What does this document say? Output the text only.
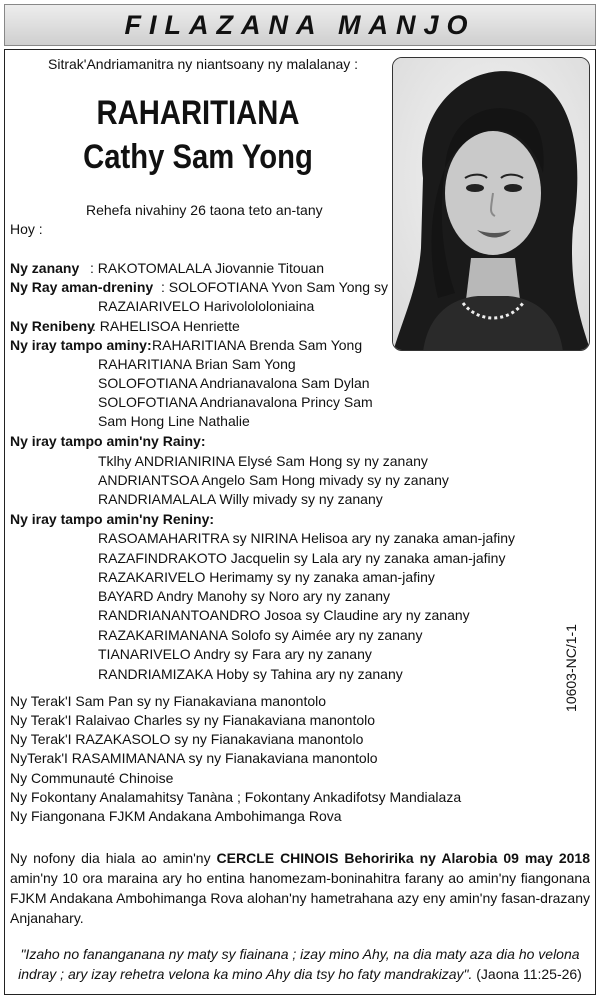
FILAZANA MANJO
Sitrak'Andriamanitra ny niantsoany ny malalanay :
RAHARITIANA
Cathy Sam Yong
Rehefa nivahiny 26 taona teto an-tany
Hoy :
Ny zanany : RAKOTOMALALA Jiovannie Titouan
Ny Ray aman-dreniny : SOLOFOTIANA Yvon Sam Yong sy
RAZAIARIVELO Harivolololoniaina
Ny Renibeny
: RAHELISOA Henriette
Ny iray tampo aminy: RAHARITIANA Brenda Sam Yong
RAHARITIANA Brian Sam Yong
SOLOFOTIANA Andrianavalona Sam Dylan
SOLOFOTIANA Andrianavalona Princy Sam
Sam Hong Line Nathalie
Ny iray tampo amin'ny Rainy:
Tklhy ANDRIANIRINA Elysé Sam Hong sy ny zanany
ANDRIANTSOA Angelo Sam Hong mivady sy ny zanany
RANDRIAMALALA Willy mivady sy ny zanany
Ny iray tampo amin'ny Reniny:
RASOAMAHARITRA sy NIRINA Helisoa ary ny zanaka aman-jafiny
RAZAFINDRAKOTO Jacquelin sy Lala ary ny zanaka aman-jafiny
RAZAKARIVELO Herimamy sy ny zanaka aman-jafiny
BAYARD Andry Manohy sy Noro ary ny zanany
RANDRIANANTOANDRO Josoa sy Claudine ary ny zanany
RAZAKARIMANANA Solofo sy Aimée ary ny zanany
TIANARIVELO Andry sy Fara ary ny zanany
RANDRIAMIZAKA Hoby sy Tahina ary ny zanany
Ny Terak'I Sam Pan sy ny Fianakaviana manontolo
Ny Terak'I Ralaivao Charles sy ny Fianakaviana manontolo
Ny Terak'I RAZAKASOLO sy ny Fianakaviana manontolo
NyTerak'I RASAMIMANANA sy ny Fianakaviana manontolo
Ny Communauté Chinoise
Ny Fokontany Analamahitsy Tanàna ; Fokontany Ankadifotsy Mandialaza
Ny Fiangonana FJKM Andakana Ambohimanga Rova
10603-NC/1-1
Ny nofony dia hiala ao amin'ny CERCLE CHINOIS Behoririka ny Alarobia 09 may 2018 amin'ny 10 ora maraina ary ho entina hanomezam-boninahitra farany ao amin'ny fiangonana FJKM Andakana Ambohimanga Rova alohan'ny hametrahana azy eny amin'ny fasan-drazany Anjanahary.
"Izaho no fananganana ny maty sy fiainana ; izay mino Ahy, na dia maty aza dia ho velona indray ; ary izay rehetra velona ka mino Ahy dia tsy ho faty mandrakizay". (Jaona 11:25-26)
